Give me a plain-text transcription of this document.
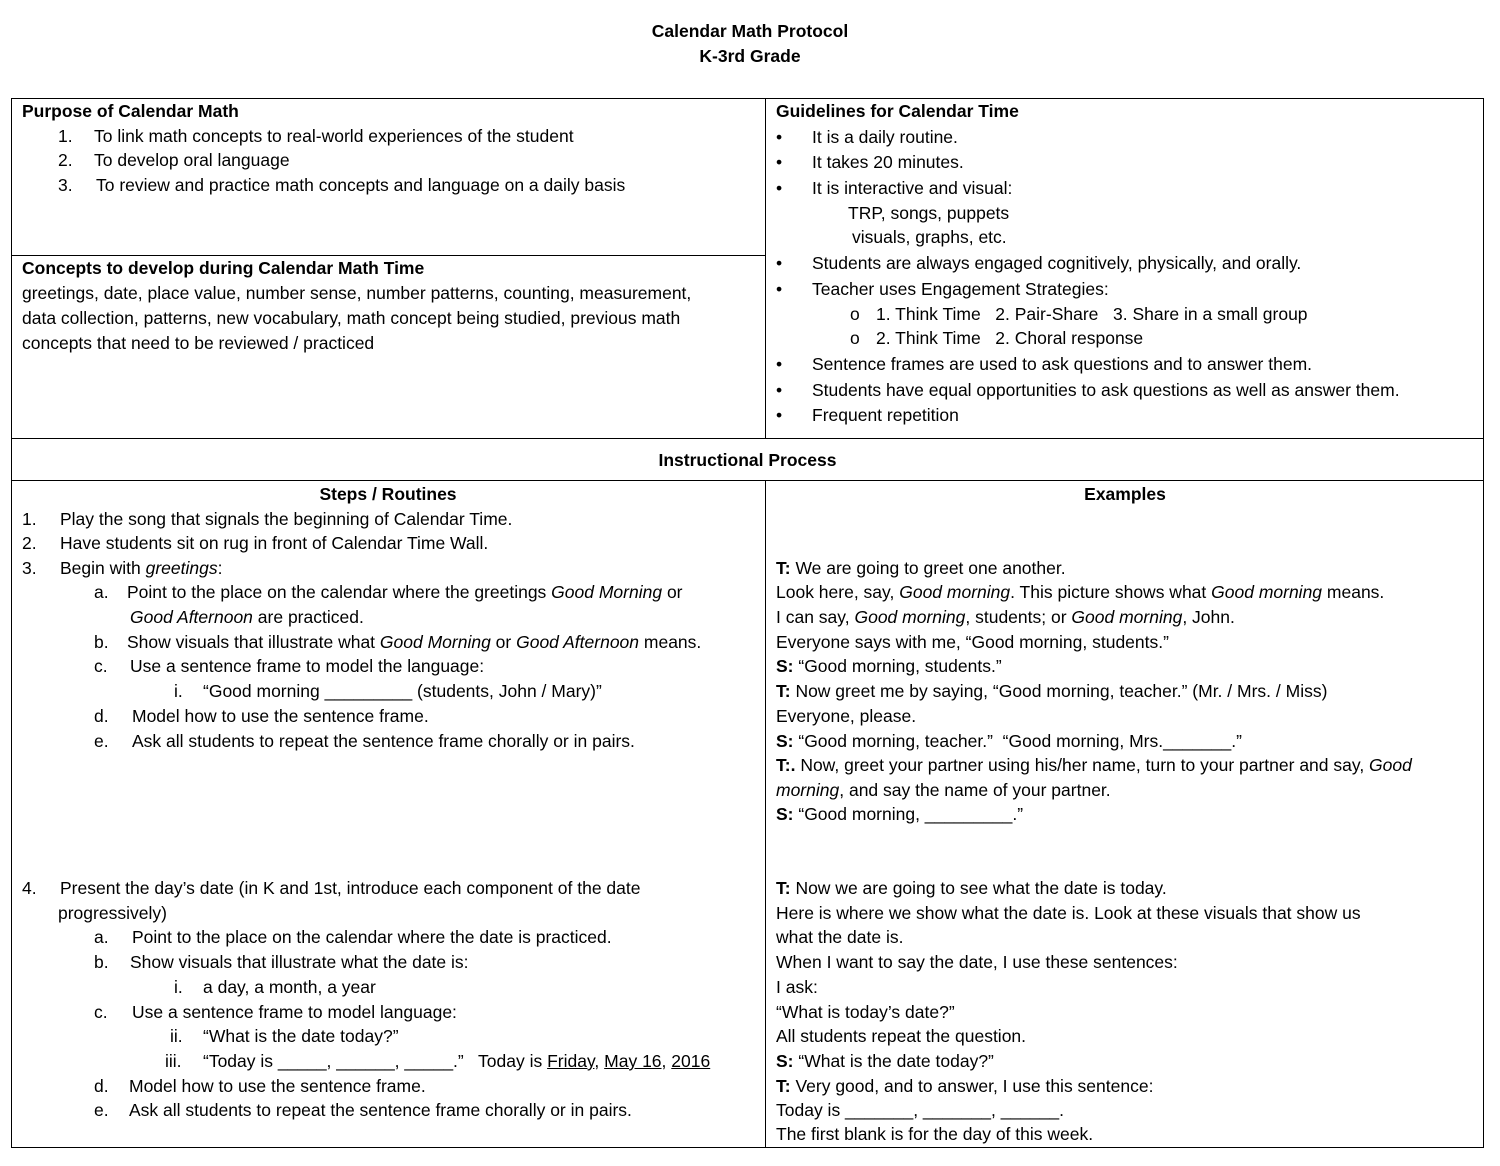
Calendar Math Protocol
K-3rd Grade
Purpose of Calendar Math
1. To link math concepts to real-world experiences of the student
2. To develop oral language
3. To review and practice math concepts and language on a daily basis
Concepts to develop during Calendar Math Time
greetings, date, place value, number sense, number patterns, counting, measurement,
data collection, patterns, new vocabulary, math concept being studied, previous math
concepts that need to be reviewed / practiced
Guidelines for Calendar Time
• It is a daily routine.
• It takes 20 minutes.
• It is interactive and visual:
TRP, songs, puppets
visuals, graphs, etc.
• Students are always engaged cognitively, physically, and orally.
• Teacher uses Engagement Strategies:
o 1. Think Time   2. Pair-Share   3. Share in a small group
o 2. Think Time   2. Choral response
• Sentence frames are used to ask questions and to answer them.
• Students have equal opportunities to ask questions as well as answer them.
• Frequent repetition
Instructional Process
Steps / Routines	Examples
1. Play the song that signals the beginning of Calendar Time.
2. Have students sit on rug in front of Calendar Time Wall.
3. Begin with greetings:
a. Point to the place on the calendar where the greetings Good Morning or
Good Afternoon are practiced.
b. Show visuals that illustrate what Good Morning or Good Afternoon means.
c. Use a sentence frame to model the language:
i. “Good morning _________ (students, John / Mary)”
d. Model how to use the sentence frame.
e. Ask all students to repeat the sentence frame chorally or in pairs.
4. Present the day’s date (in K and 1st, introduce each component of the date
progressively)
a. Point to the place on the calendar where the date is practiced.
b. Show visuals that illustrate what the date is:
i. a day, a month, a year
c. Use a sentence frame to model language:
ii. “What is the date today?”
iii. “Today is _____, ______, _____.”   Today is Friday, May 16, 2016
d. Model how to use the sentence frame.
e. Ask all students to repeat the sentence frame chorally or in pairs.
T: We are going to greet one another.
Look here, say, Good morning. This picture shows what Good morning means.
I can say, Good morning, students; or Good morning, John.
Everyone says with me, “Good morning, students.”
S: “Good morning, students.”
T: Now greet me by saying, “Good morning, teacher.” (Mr. / Mrs. / Miss)
Everyone, please.
S: “Good morning, teacher.”  “Good morning, Mrs._______.”
T:. Now, greet your partner using his/her name, turn to your partner and say, Good
morning, and say the name of your partner.
S: “Good morning, _________.”
T: Now we are going to see what the date is today.
Here is where we show what the date is. Look at these visuals that show us
what the date is.
When I want to say the date, I use these sentences:
I ask:
“What is today’s date?”
All students repeat the question.
S: “What is the date today?”
T: Very good, and to answer, I use this sentence:
Today is _______, _______, ______.
The first blank is for the day of this week.
